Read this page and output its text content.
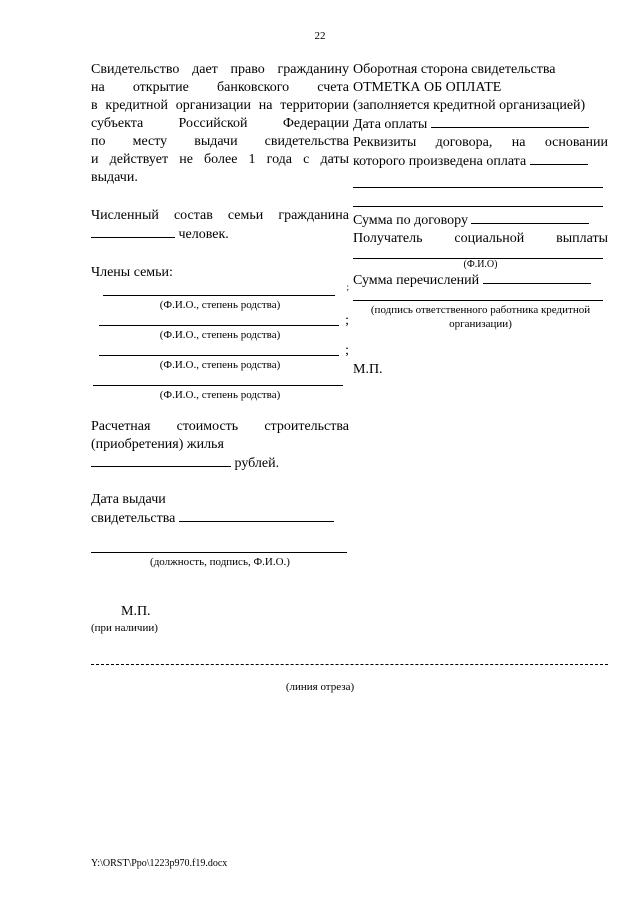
22
Свидетельство дает право гражданину
на открытие банковского счета
в кредитной организации на территории
субъекта Российской Федерации
по месту выдачи свидетельства
и действует не более 1 года с даты
выдачи.
Численный состав семьи гражданина
человек.
Члены семьи:
;
(Ф.И.О., степень родства)
;
(Ф.И.О., степень родства)
;
(Ф.И.О., степень родства)
(Ф.И.О., степень родства)
Расчетная стоимость строительства
(приобретения) жилья
рублей.
Дата выдачи
свидетельства
(должность, подпись, Ф.И.О.)
М.П.
(при наличии)
Оборотная сторона свидетельства
ОТМЕТКА ОБ ОПЛАТЕ
(заполняется кредитной организацией)
Дата оплаты
Реквизиты договора, на основании
которого произведена оплата
Сумма по договору
Получатель социальной выплаты
(Ф.И.О)
Сумма перечислений
(подпись ответственного работника кредитной организации)
М.П.
(линия отреза)
Y:\ORST\Ppo\1223p970.f19.docx
